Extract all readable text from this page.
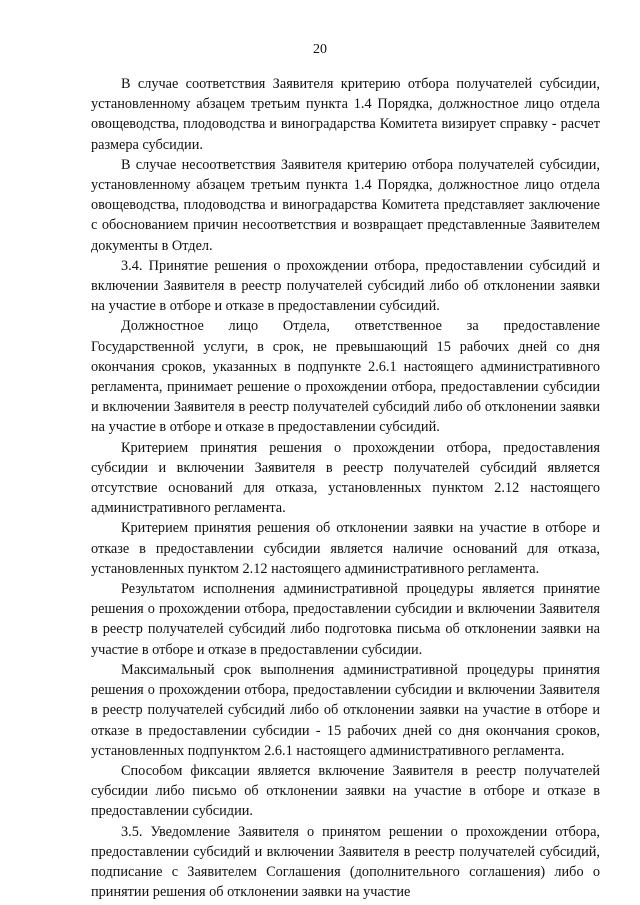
20

В случае соответствия Заявителя критерию отбора получателей субсидии, установленному абзацем третьим пункта 1.4 Порядка, должностное лицо отдела овощеводства, плодоводства и виноградарства Комитета визирует справку - расчет размера субсидии.

В случае несоответствия Заявителя критерию отбора получателей субсидии, установленному абзацем третьим пункта 1.4 Порядка, должностное лицо отдела овощеводства, плодоводства и виноградарства Комитета представляет заключение с обоснованием причин несоответствия и возвращает представленные Заявителем документы в Отдел.

3.4. Принятие решения о прохождении отбора, предоставлении субсидий и включении Заявителя в реестр получателей субсидий либо об отклонении заявки на участие в отборе и отказе в предоставлении субсидий.

Должностное лицо Отдела, ответственное за предоставление Государственной услуги, в срок, не превышающий 15 рабочих дней со дня окончания сроков, указанных в подпункте 2.6.1 настоящего административного регламента, принимает решение о прохождении отбора, предоставлении субсидии и включении Заявителя в реестр получателей субсидий либо об отклонении заявки на участие в отборе и отказе в предоставлении субсидий.

Критерием принятия решения о прохождении отбора, предоставления субсидии и включении Заявителя в реестр получателей субсидий является отсутствие оснований для отказа, установленных пунктом 2.12 настоящего административного регламента.

Критерием принятия решения об отклонении заявки на участие в отборе и отказе в предоставлении субсидии является наличие оснований для отказа, установленных пунктом 2.12 настоящего административного регламента.

Результатом исполнения административной процедуры является принятие решения о прохождении отбора, предоставлении субсидии и включении Заявителя в реестр получателей субсидий либо подготовка письма об отклонении заявки на участие в отборе и отказе в предоставлении субсидии.

Максимальный срок выполнения административной процедуры принятия решения о прохождении отбора, предоставлении субсидии и включении Заявителя в реестр получателей субсидий либо об отклонении заявки на участие в отборе и отказе в предоставлении субсидии - 15 рабочих дней со дня окончания сроков, установленных подпунктом 2.6.1 настоящего административного регламента.

Способом фиксации является включение Заявителя в реестр получателей субсидии либо письмо об отклонении заявки на участие в отборе и отказе в предоставлении субсидии.

3.5. Уведомление Заявителя о принятом решении о прохождении отбора, предоставлении субсидий и включении Заявителя в реестр получателей субсидий, подписание с Заявителем Соглашения (дополнительного соглашения) либо о принятии решения об отклонении заявки на участие
